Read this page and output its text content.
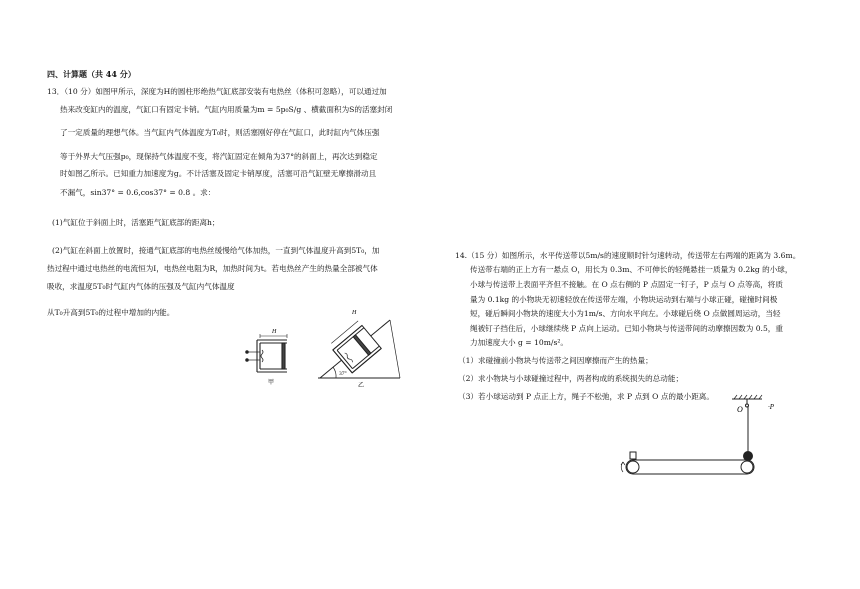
四、计算题（共 44 分）
13．（10 分）如图甲所示，深度为H的圆柱形绝热气缸底部安装有电热丝（体积可忽略），可以通过加
热来改变缸内的温度，气缸口有固定卡销。气缸内用质量为m = 5p₀S/g 、横截面积为S的活塞封闭
了一定质量的理想气体。当气缸内气体温度为T₀时，则活塞刚好停在气缸口，此时缸内气体压强
等于外界大气压强p₀，现保持气体温度不变，将汽缸固定在倾角为37°的斜面上，再次达到稳定
时如图乙所示。已知重力加速度为g。不计活塞及固定卡销厚度，活塞可沿气缸壁无摩擦滑动且
不漏气，sin37° = 0.6,cos37° = 0.8 。求：
(1)气缸位于斜面上时，活塞距气缸底部的距离h；
(2)气缸在斜面上放置时，接通气缸底部的电热丝缓慢给气体加热，一直到气体温度升高到5T₀，加
热过程中通过电热丝的电流恒为I，电热丝电阻为R，加热时间为t。若电热丝产生的热量全部被气体
吸收，求温度5T₀时气缸内气体的压强及气缸内气体温度
从T₀升高到5T₀的过程中增加的内能。
H
甲
H
37°
乙
14.（15 分）如图所示，水平传送带以5m/s的速度顺时针匀速转动，传送带左右两端的距离为 3.6m。
传送带右端的正上方有一悬点 O，用长为 0.3m、不可伸长的轻绳悬挂一质量为 0.2kg 的小球，
小球与传送带上表面平齐但不接触。在 O 点右侧的 P 点固定一钉子，P 点与 O 点等高，将质
量为 0.1kg 的小物块无初速轻放在传送带左端，小物块运动到右端与小球正碰，碰撞时间极
短，碰后瞬间小物块的速度大小为1m/s、方向水平向左。小球碰后绕 O 点做圆周运动，当轻
绳被钉子挡住后，小球继续绕 P 点向上运动。已知小物块与传送带间的动摩擦因数为 0.5，重
力加速度大小 g = 10m/s²。
（1）求碰撞前小物块与传送带之间因摩擦而产生的热量；
（2）求小物块与小球碰撞过程中，两者构成的系统损失的总动能；
（3）若小球运动到 P 点正上方，绳子不松弛，求 P 点到 O 点的最小距离。
O	·P
